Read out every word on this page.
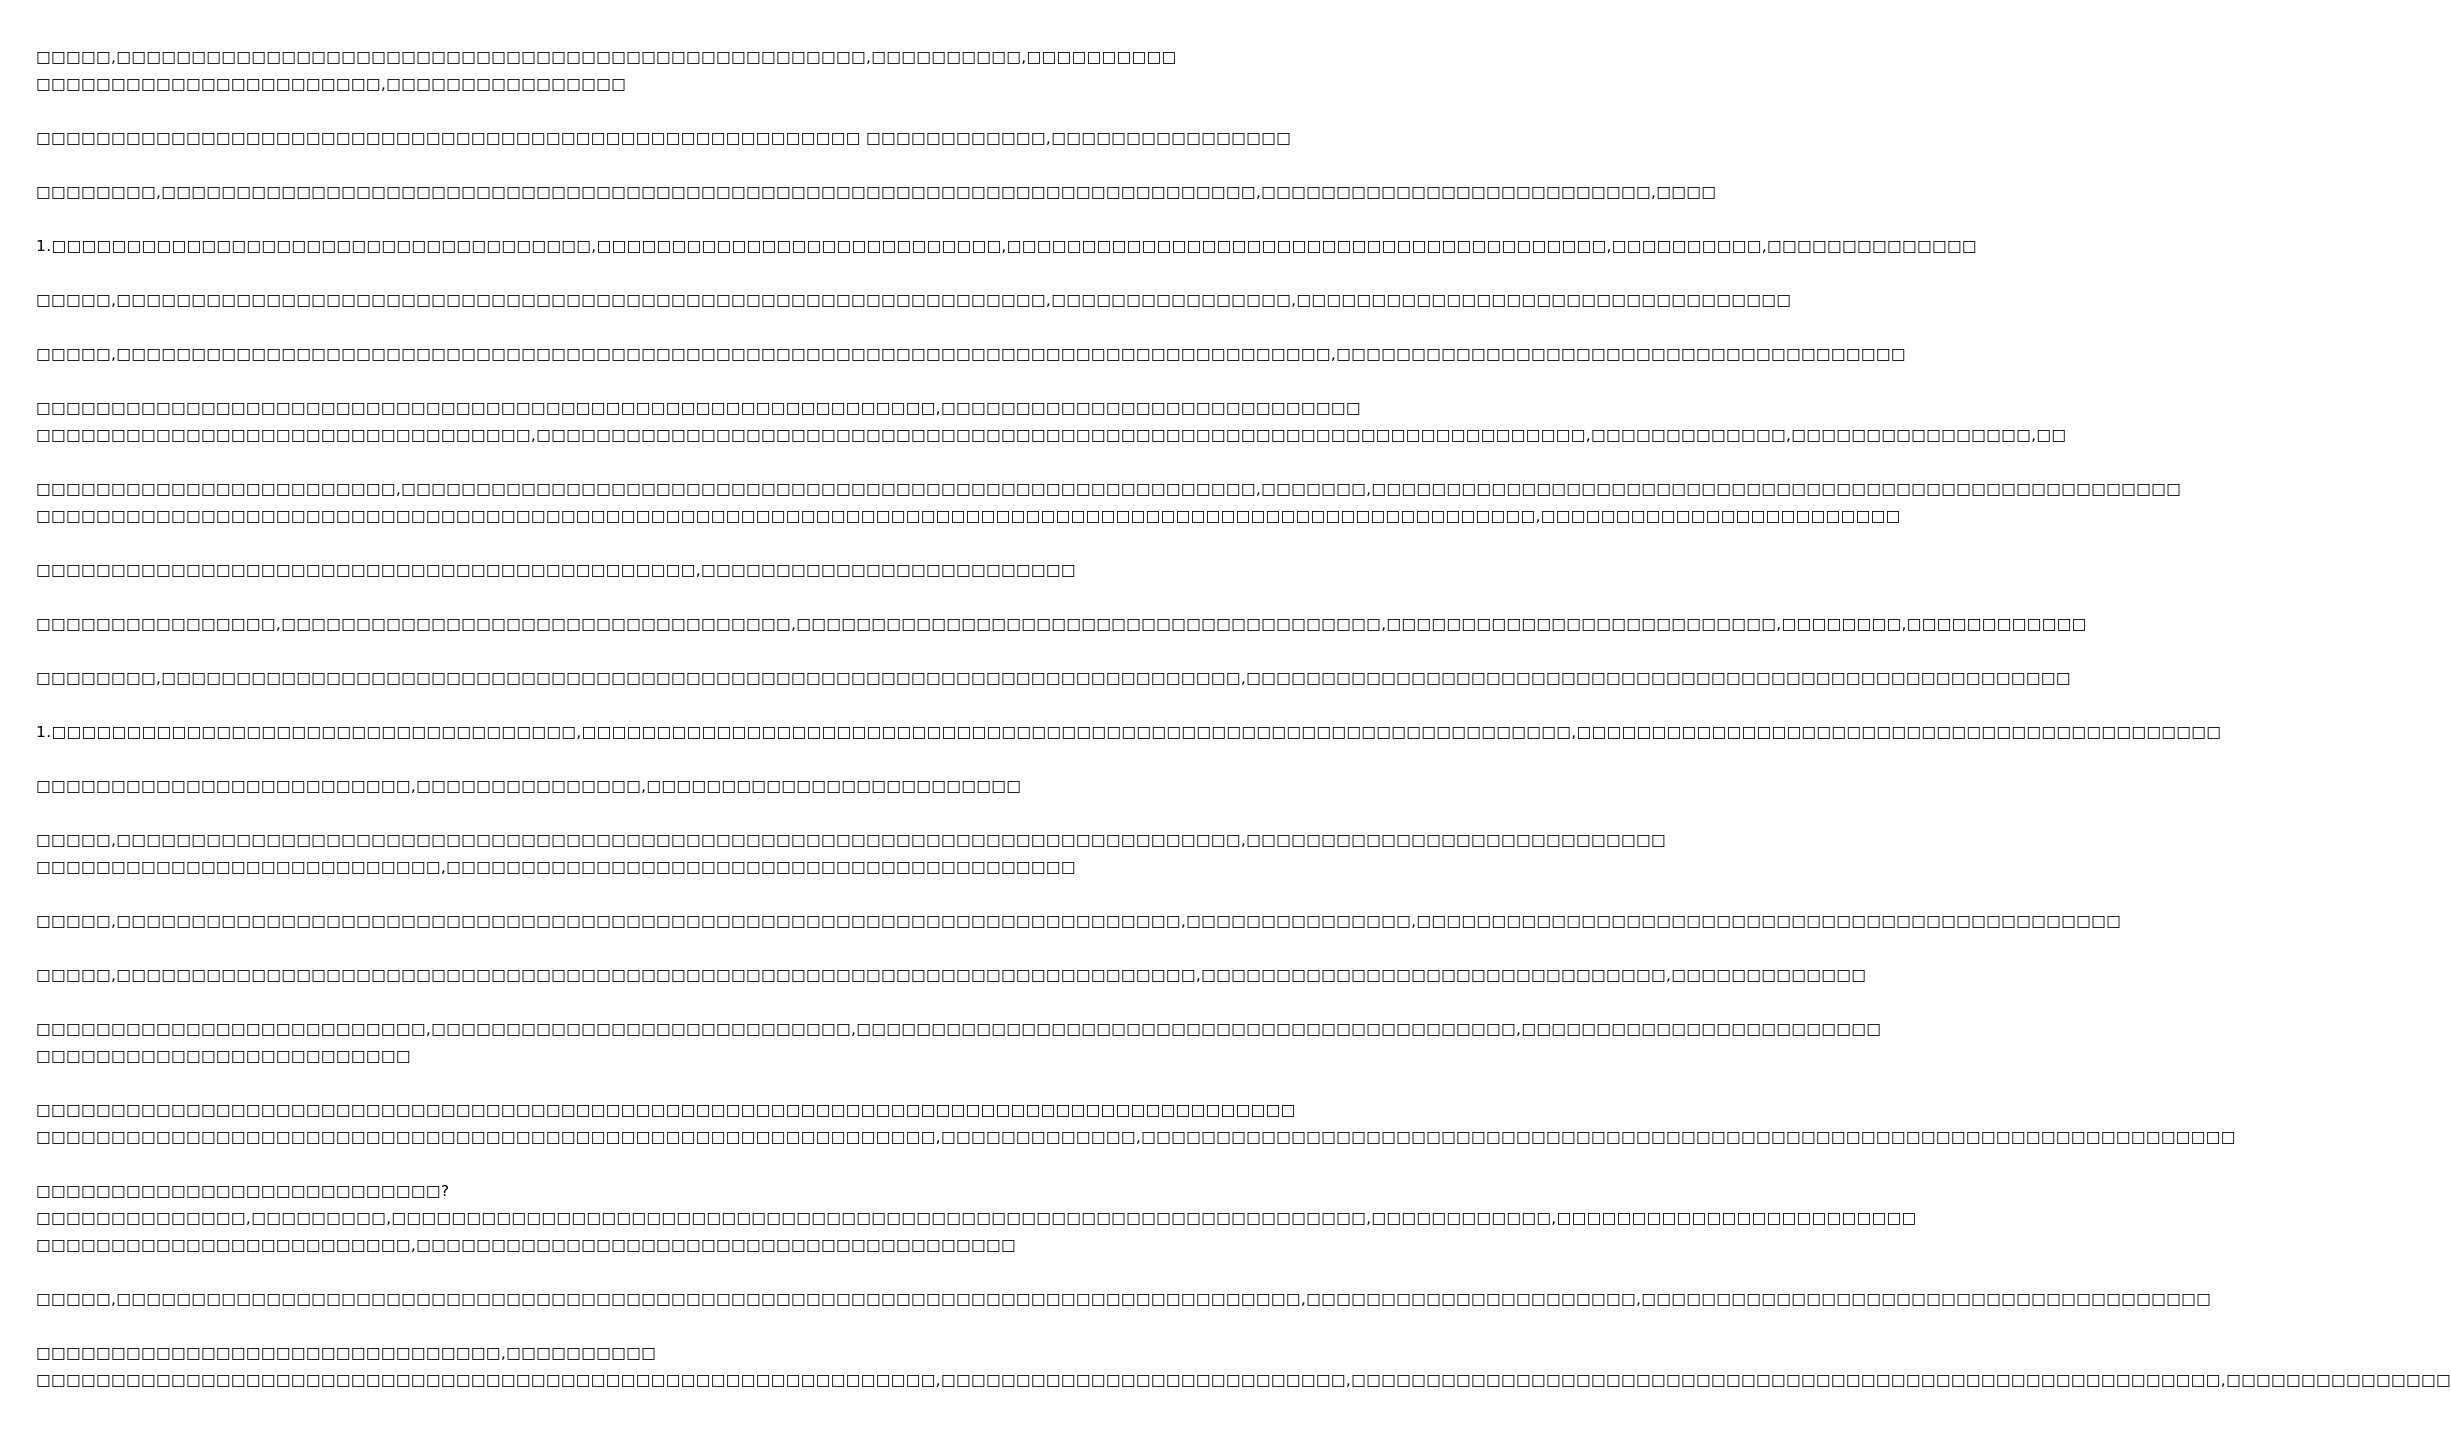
□□□□□,□□□□□□□□□□□□□□□□□□□□□□□□□□□□□□□□□□□□□□□□□□□□□□□□□□,□□□□□□□□□□,□□□□□□□□□□
□□□□□□□□□□□□□□□□□□□□□□□,□□□□□□□□□□□□□□□□
□□□□□□□□□□□□□□□□□□□□□□□□□□□□□□□□□□□□□□□□□□□□□□□□□□□□□□□ □□□□□□□□□□□□,□□□□□□□□□□□□□□□□
□□□□□□□□,□□□□□□□□□□□□□□□□□□□□□□□□□□□□□□□□□□□□□□□□□□□□□□□□□□□□□□□□□□□□□□□□□□□□□□□□□,□□□□□□□□□□□□□□□□□□□□□□□□□□,□□□□
1.□□□□□□□□□□□□□□□□□□□□□□□□□□□□□□□□□□□□,□□□□□□□□□□□□□□□□□□□□□□□□□□□,□□□□□□□□□□□□□□□□□□□□□□□□□□□□□□□□□□□□□□□□,□□□□□□□□□□,□□□□□□□□□□□□□□
□□□□□,□□□□□□□□□□□□□□□□□□□□□□□□□□□□□□□□□□□□□□□□□□□□□□□□□□□□□□□□□□□□□□,□□□□□□□□□□□□□□□□,□□□□□□□□□□□□□□□□□□□□□□□□□□□□□□□□□
□□□□□,□□□□□□□□□□□□□□□□□□□□□□□□□□□□□□□□□□□□□□□□□□□□□□□□□□□□□□□□□□□□□□□□□□□□□□□□□□□□□□□□□,□□□□□□□□□□□□□□□□□□□□□□□□□□□□□□□□□□□□□□
□□□□□□□□□□□□□□□□□□□□□□□□□□□□□□□□□□□□□□□□□□□□□□□□□□□□□□□□□□□□,□□□□□□□□□□□□□□□□□□□□□□□□□□□□
□□□□□□□□□□□□□□□□□□□□□□□□□□□□□□□□□,□□□□□□□□□□□□□□□□□□□□□□□□□□□□□□□□□□□□□□□□□□□□□□□□□□□□□□□□□□□□□□□□□□□□□□,□□□□□□□□□□□□□,□□□□□□□□□□□□□□□□,□□
□□□□□□□□□□□□□□□□□□□□□□□□,□□□□□□□□□□□□□□□□□□□□□□□□□□□□□□□□□□□□□□□□□□□□□□□□□□□□□□□□□,□□□□□□□,□□□□□□□□□□□□□□□□□□□□□□□□□□□□□□□□□□□□□□□□□□□□□□□□□□□□□□
□□□□□□□□□□□□□□□□□□□□□□□□□□□□□□□□□□□□□□□□□□□□□□□□□□□□□□□□□□□□□□□□□□□□□□□□□□□□□□□□□□□□□□□□□□□□□□□□□□□□,□□□□□□□□□□□□□□□□□□□□□□□□
□□□□□□□□□□□□□□□□□□□□□□□□□□□□□□□□□□□□□□□□□□□□,□□□□□□□□□□□□□□□□□□□□□□□□□
□□□□□□□□□□□□□□□□,□□□□□□□□□□□□□□□□□□□□□□□□□□□□□□□□□□,□□□□□□□□□□□□□□□□□□□□□□□□□□□□□□□□□□□□□□□,□□□□□□□□□□□□□□□□□□□□□□□□□□,□□□□□□□□,□□□□□□□□□□□□
□□□□□□□□,□□□□□□□□□□□□□□□□□□□□□□□□□□□□□□□□□□□□□□□□□□□□□□□□□□□□□□□□□□□□□□□□□□□□□□□□,□□□□□□□□□□□□□□□□□□□□□□□□□□□□□□□□□□□□□□□□□□□□□□□□□□□□□□□
1.□□□□□□□□□□□□□□□□□□□□□□□□□□□□□□□□□□□,□□□□□□□□□□□□□□□□□□□□□□□□□□□□□□□□□□□□□□□□□□□□□□□□□□□□□□□□□□□□□□□□□□,□□□□□□□□□□□□□□□□□□□□□□□□□□□□□□□□□□□□□□□□□□□
□□□□□□□□□□□□□□□□□□□□□□□□□,□□□□□□□□□□□□□□□,□□□□□□□□□□□□□□□□□□□□□□□□□
□□□□□,□□□□□□□□□□□□□□□□□□□□□□□□□□□□□□□□□□□□□□□□□□□□□□□□□□□□□□□□□□□□□□□□□□□□□□□□□□□,□□□□□□□□□□□□□□□□□□□□□□□□□□□□
□□□□□□□□□□□□□□□□□□□□□□□□□□□,□□□□□□□□□□□□□□□□□□□□□□□□□□□□□□□□□□□□□□□□□□
□□□□□,□□□□□□□□□□□□□□□□□□□□□□□□□□□□□□□□□□□□□□□□□□□□□□□□□□□□□□□□□□□□□□□□□□□□□□□,□□□□□□□□□□□□□□□,□□□□□□□□□□□□□□□□□□□□□□□□□□□□□□□□□□□□□□□□□□□□□□□
□□□□□,□□□□□□□□□□□□□□□□□□□□□□□□□□□□□□□□□□□□□□□□□□□□□□□□□□□□□□□□□□□□□□□□□□□□□□□□,□□□□□□□□□□□□□□□□□□□□□□□□□□□□□□□,□□□□□□□□□□□□□
□□□□□□□□□□□□□□□□□□□□□□□□□□,□□□□□□□□□□□□□□□□□□□□□□□□□□□□,□□□□□□□□□□□□□□□□□□□□□□□□□□□□□□□□□□□□□□□□□□□□,□□□□□□□□□□□□□□□□□□□□□□□□
□□□□□□□□□□□□□□□□□□□□□□□□□
□□□□□□□□□□□□□□□□□□□□□□□□□□□□□□□□□□□□□□□□□□□□□□□□□□□□□□□□□□□□□□□□□□□□□□□□□□□□□□□□□□□□
□□□□□□□□□□□□□□□□□□□□□□□□□□□□□□□□□□□□□□□□□□□□□□□□□□□□□□□□□□□□,□□□□□□□□□□□□□,□□□□□□□□□□□□□□□□□□□□□□□□□□□□□□□□□□□□□□□□□□□□□□□□□□□□□□□□□□□□□□□□□□□□□□□□□
□□□□□□□□□□□□□□□□□□□□□□□□□□□?
□□□□□□□□□□□□□□,□□□□□□□□□,□□□□□□□□□□□□□□□□□□□□□□□□□□□□□□□□□□□□□□□□□□□□□□□□□□□□□□□□□□□□□□□□□,□□□□□□□□□□□□,□□□□□□□□□□□□□□□□□□□□□□□□
□□□□□□□□□□□□□□□□□□□□□□□□□,□□□□□□□□□□□□□□□□□□□□□□□□□□□□□□□□□□□□□□□□
□□□□□,□□□□□□□□□□□□□□□□□□□□□□□□□□□□□□□□□□□□□□□□□□□□□□□□□□□□□□□□□□□□□□□□□□□□□□□□□□□□□□□,□□□□□□□□□□□□□□□□□□□□□□,□□□□□□□□□□□□□□□□□□□□□□□□□□□□□□□□□□□□□□
□□□□□□□□□□□□□□□□□□□□□□□□□□□□□□□,□□□□□□□□□□
□□□□□□□□□□□□□□□□□□□□□□□□□□□□□□□□□□□□□□□□□□□□□□□□□□□□□□□□□□□□,□□□□□□□□□□□□□□□□□□□□□□□□□□□,□□□□□□□□□□□□□□□□□□□□□□□□□□□□□□□□□□□□□□□□□□□□□□□□□□□□□□□□□□,□□□□□□□□□□□□□□□
